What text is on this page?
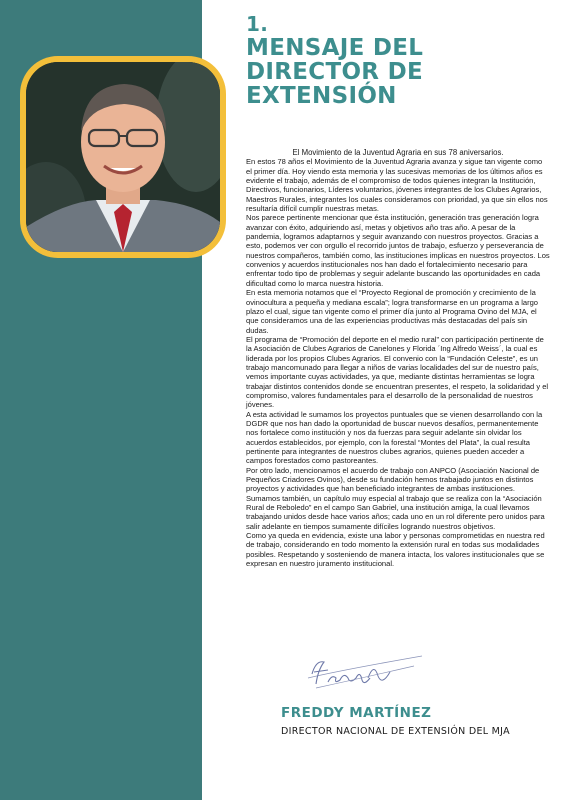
1.
MENSAJE DEL
DIRECTOR DE
EXTENSIÓN

El Movimiento de la Juventud Agraria en sus 78 aniversarios.

En estos 78 años el Movimiento de la Juventud Agraria avanza y sigue tan vigente como el primer día. Hoy viendo esta memoria y las sucesivas memorias de los últimos años es evidente el trabajo, además de el compromiso de todos quienes integran la Institución, Directivos, funcionarios, Líderes voluntarios, jóvenes integrantes de los Clubes Agrarios, Maestros Rurales, integrantes los cuales consideramos con prioridad, ya que sin ellos nos resultaría difícil cumplir nuestras metas.

Nos parece pertinente mencionar que ésta institución, generación tras generación logra avanzar con éxito, adquiriendo así, metas y objetivos año tras año. A pesar de la pandemia, logramos adaptarnos y seguir avanzando con nuestros proyectos. Gracias a esto, podemos ver con orgullo el recorrido juntos de trabajo, esfuerzo y perseverancia de nuestros compañeros, también como, las instituciones implicas en nuestros proyectos. Los convenios y acuerdos institucionales nos han dado el fortalecimiento necesario para enfrentar todo tipo de problemas y seguir adelante buscando las oportunidades en cada dificultad como lo marca nuestra historia.

En esta memoria notamos que el “Proyecto Regional de promoción y crecimiento de la ovinocultura a pequeña y mediana escala”; logra transformarse en un programa a largo plazo el cual, sigue tan vigente como el primer día junto al Programa Ovino del MJA, el que consideramos una de las experiencias productivas más destacadas del país sin dudas.

El programa de “Promoción del deporte en el medio rural” con participación pertinente de la Asociación de Clubes Agrarios de Canelones y Florida ´Ing Alfredo Weiss´, la cual es liderada por los propios Clubes Agrarios. El convenio con la “Fundación Celeste”, es un trabajo mancomunado para llegar a niños de varias localidades del sur de nuestro país, vemos importante cuyas actividades, ya que, mediante distintas herramientas se logra trabajar distintos contenidos donde se encuentran presentes, el respeto, la solidaridad y el compromiso, valores fundamentales para el desarrollo de la personalidad de nuestros jóvenes.

A esta actividad le sumamos los proyectos puntuales que se vienen desarrollando con la DGDR que nos han dado la oportunidad de buscar nuevos desafíos, permanentemente nos fortalece como institución y nos da fuerzas para seguir adelante sin olvidar los acuerdos establecidos, por ejemplo, con la forestal “Montes del Plata”, la cual resulta pertinente para integrantes de nuestros clubes agrarios, quienes pueden acceder a campos forestados como pastoreantes.

Por otro lado, mencionamos el acuerdo de trabajo con ANPCO (Asociación Nacional de Pequeños Criadores Ovinos), desde su fundación hemos trabajado juntos en distintos proyectos y actividades que han beneficiado integrantes de ambas instituciones.

Sumamos también, un capítulo muy especial al trabajo que se realiza con la “Asociación Rural de Reboledo” en el campo San Gabriel, una institución amiga, la cual llevamos trabajando unidos desde hace varios años; cada uno en un rol diferente pero unidos para salir adelante en tiempos sumamente difíciles logrando nuestros objetivos.

Como ya queda en evidencia, existe una labor y personas comprometidas en nuestra red de trabajo, considerando en todo momento la extensión rural en todas sus modalidades posibles. Respetando y sosteniendo de manera intacta, los valores institucionales que se expresan en nuestro juramento institucional.

FREDDY MARTÍNEZ
DIRECTOR NACIONAL DE EXTENSIÓN DEL MJA
